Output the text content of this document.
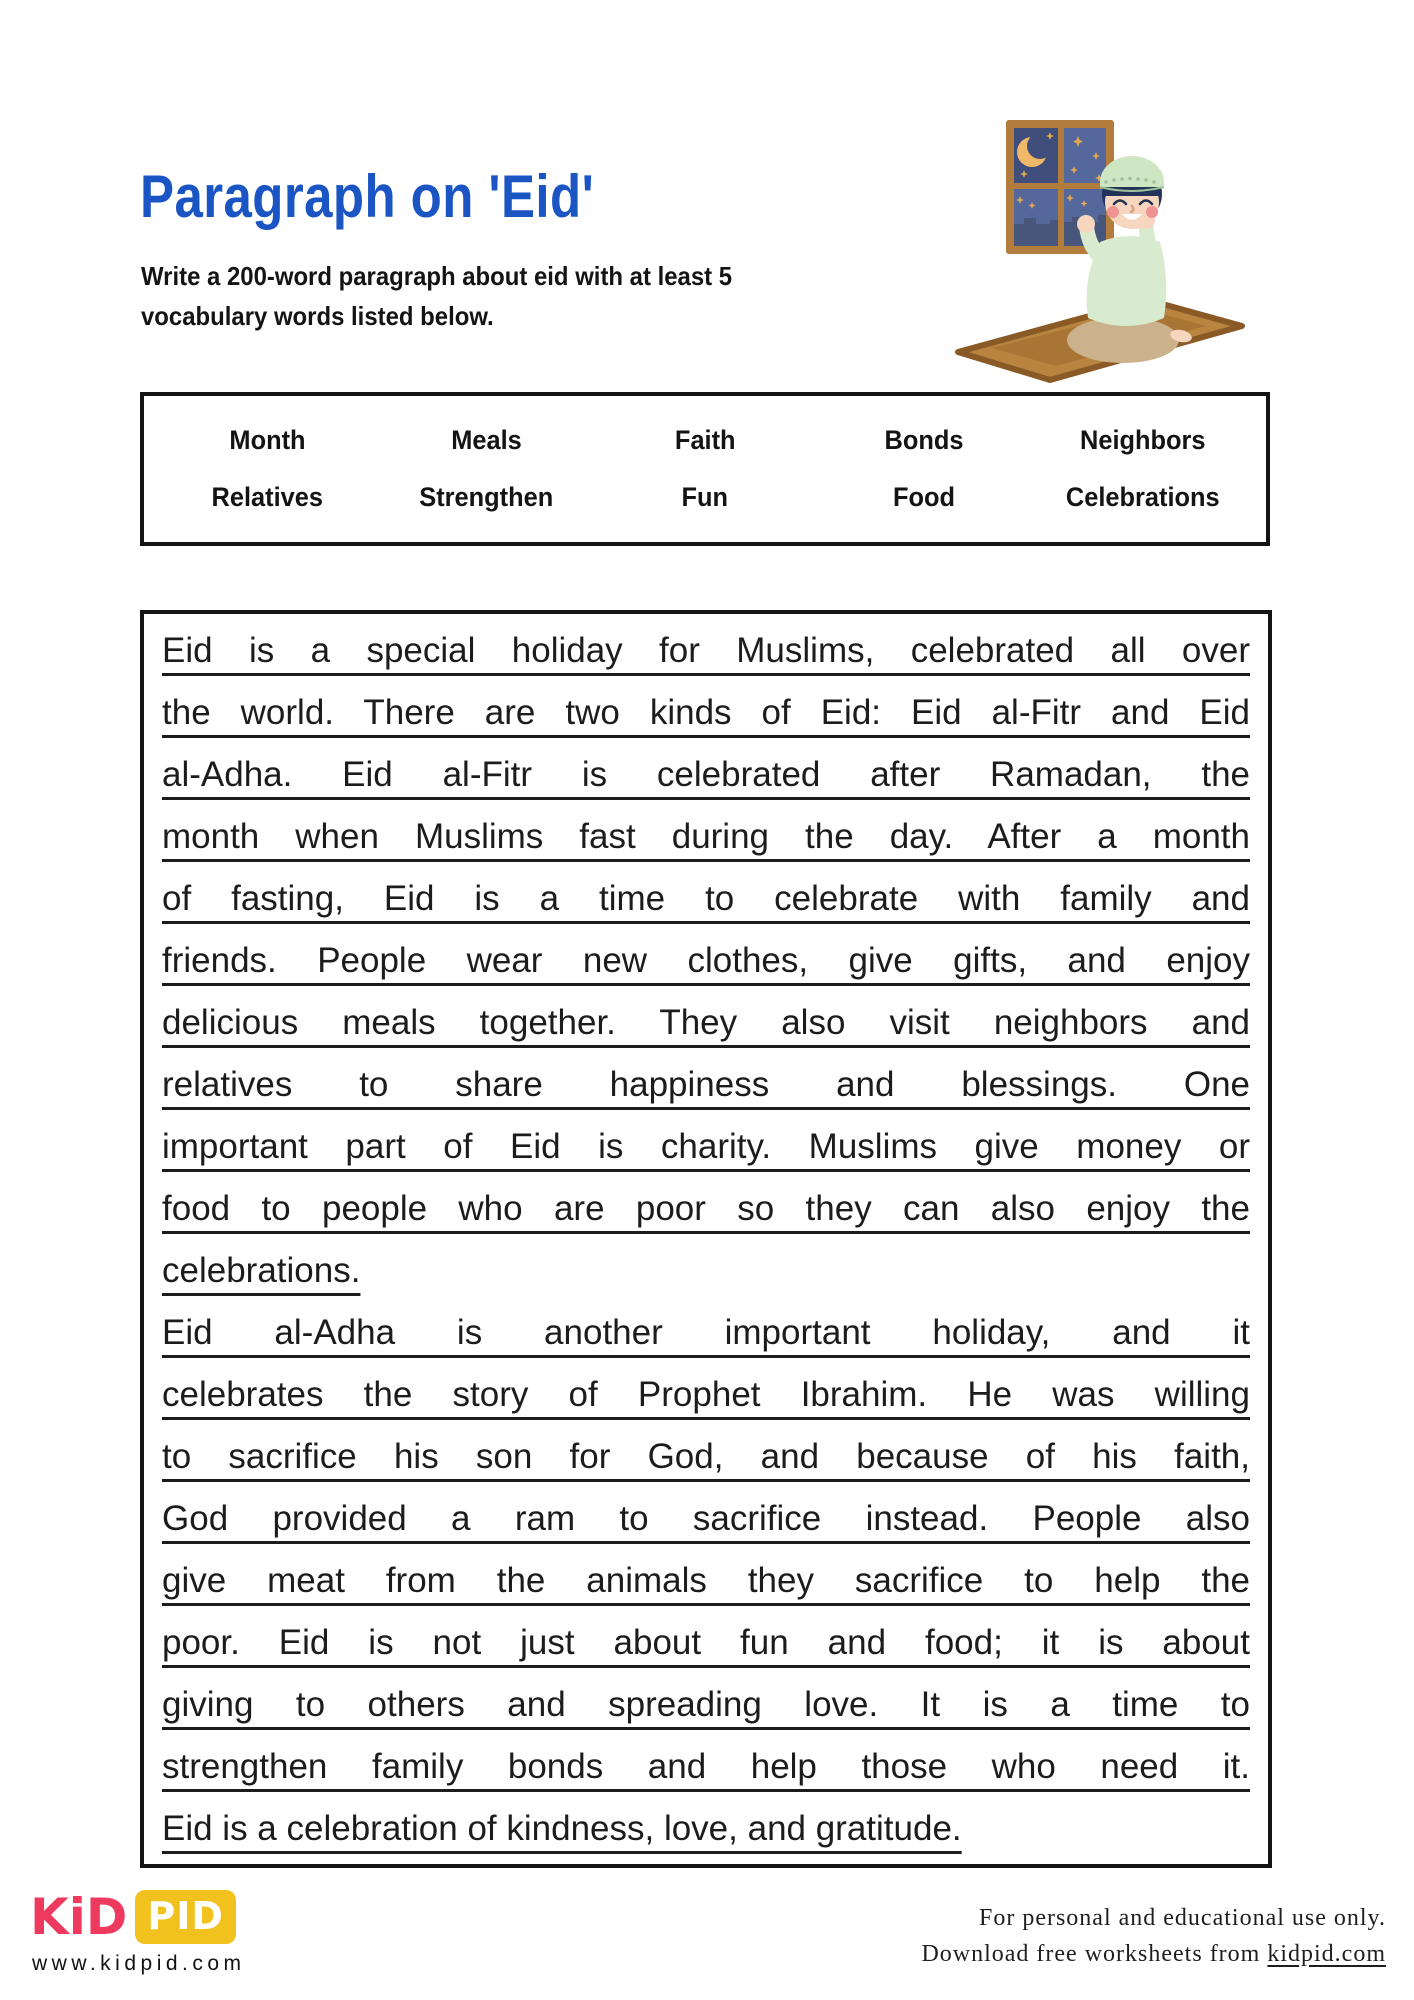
Paragraph on 'Eid'
Write a 200-word paragraph about eid with at least 5
vocabulary words listed below.
Month	Meals	Faith	Bonds	Neighbors
Relatives	Strengthen	Fun	Food	Celebrations
Eid is a special holiday for Muslims, celebrated all over
the world. There are two kinds of Eid: Eid al-Fitr and Eid
al-Adha. Eid al-Fitr is celebrated after Ramadan, the
month when Muslims fast during the day. After a month
of fasting, Eid is a time to celebrate with family and
friends. People wear new clothes, give gifts, and enjoy
delicious meals together. They also visit neighbors and
relatives to share happiness and blessings. One
important part of Eid is charity. Muslims give money or
food to people who are poor so they can also enjoy the
celebrations.
Eid al-Adha is another important holiday, and it
celebrates the story of Prophet Ibrahim. He was willing
to sacrifice his son for God, and because of his faith,
God provided a ram to sacrifice instead. People also
give meat from the animals they sacrifice to help the
poor. Eid is not just about fun and food; it is about
giving to others and spreading love. It is a time to
strengthen family bonds and help those who need it.
Eid is a celebration of kindness, love, and gratitude.
KiD PID
www.kidpid.com
For personal and educational use only.
Download free worksheets from kidpid.com
